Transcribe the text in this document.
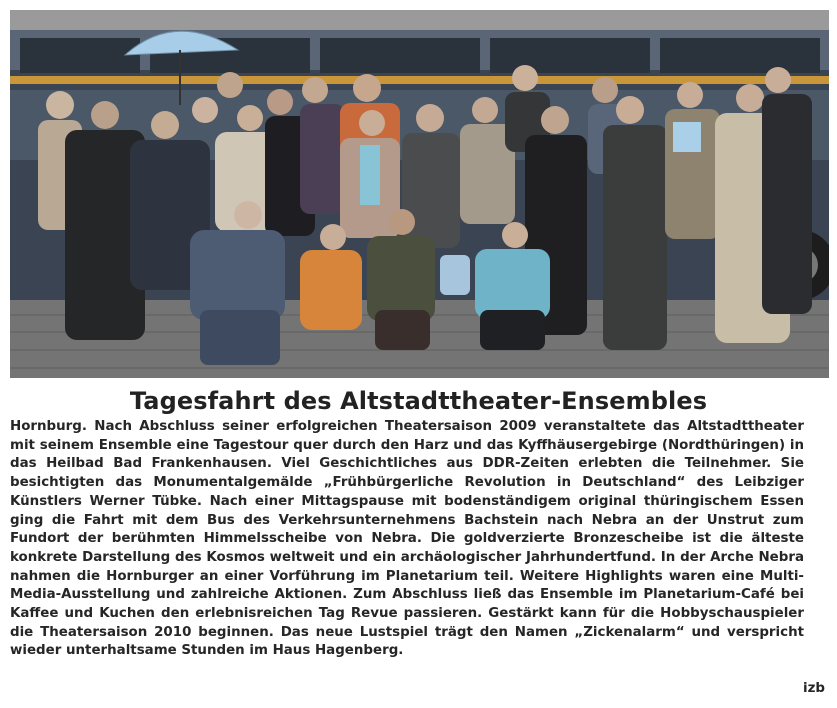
Tagesfahrt des Altstadttheater-Ensembles

Hornburg. Nach Abschluss seiner erfolgreichen Theatersaison 2009 veranstaltete das Altstadttheater mit seinem Ensemble eine Tagestour quer durch den Harz und das Kyffhäusergebirge (Nordthüringen) in das Heilbad Bad Frankenhausen. Viel Geschichtliches aus DDR-Zeiten erlebten die Teilnehmer. Sie besichtigten das Monumentalgemälde „Frühbürgerliche Revolution in Deutschland“ des Leibziger Künstlers Werner Tübke. Nach einer Mittagspause mit bodenständigem original thüringischem Essen ging die Fahrt mit dem Bus des Verkehrsunternehmens Bachstein nach Nebra an der Unstrut zum Fundort der berühmten Himmelsscheibe von Nebra. Die goldverzierte Bronzescheibe ist die älteste konkrete Darstellung des Kosmos weltweit und ein archäologischer Jahrhundertfund. In der Arche Nebra nahmen die Hornburger an einer Vorführung im Planetarium teil. Weitere Highlights waren eine Multi-Media-Ausstellung und zahlreiche Aktionen. Zum Abschluss ließ das Ensemble im Planetarium-Café bei Kaffee und Kuchen den erlebnisreichen Tag Revue passieren. Gestärkt kann für die Hobbyschauspieler die Theatersaison 2010 beginnen. Das neue Lustspiel trägt den Namen „Zickenalarm“ und verspricht wieder unterhaltsame Stunden im Haus Hagenberg.

izb
